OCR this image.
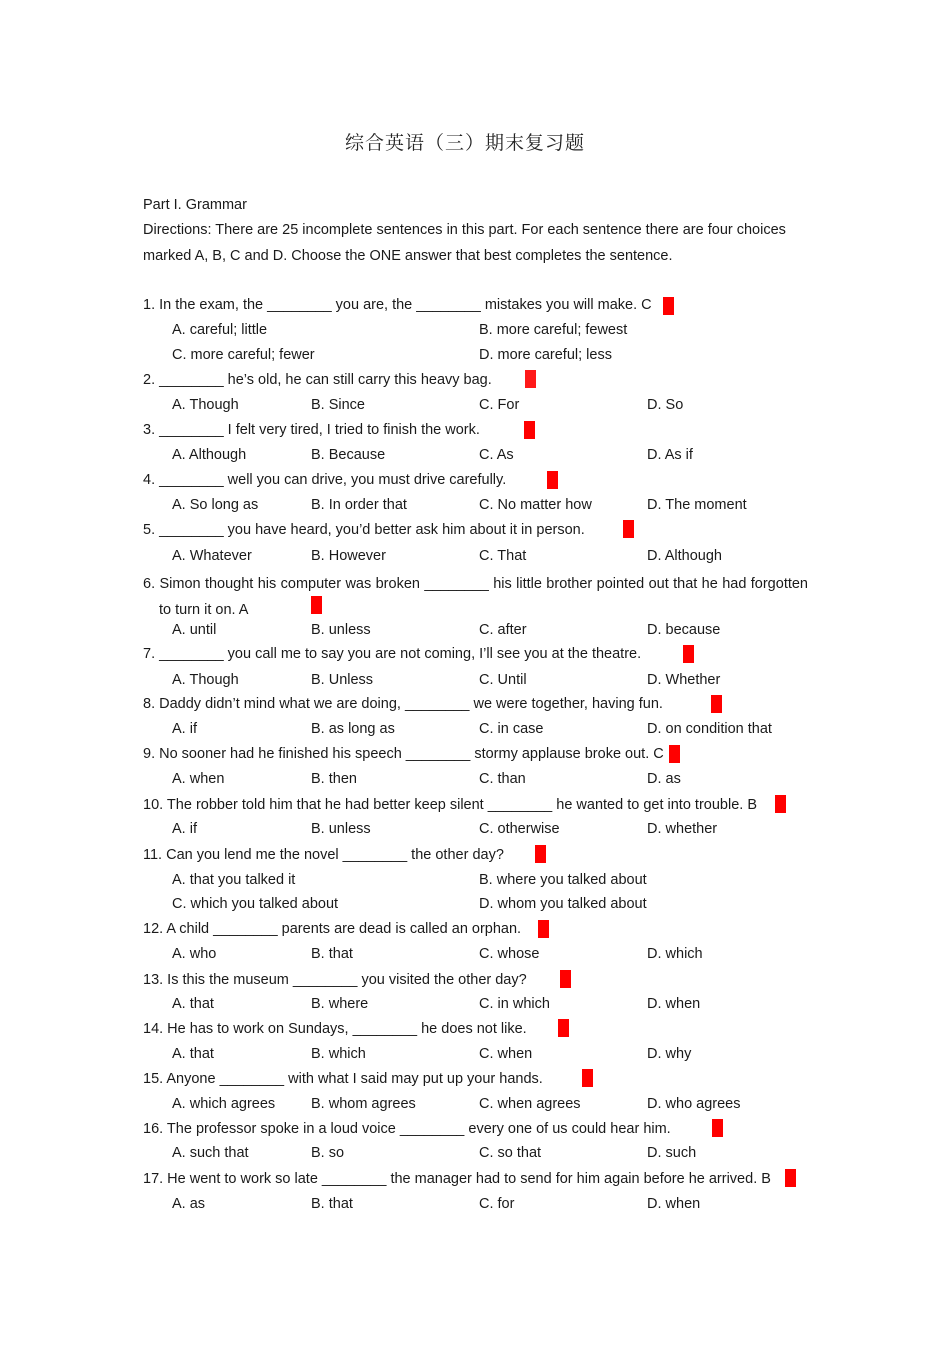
综合英语（三）期末复习题
Part I. Grammar
Directions: There are 25 incomplete sentences in this part. For each sentence there are four choices marked A, B, C and D. Choose the ONE answer that best completes the sentence.
1. In the exam, the ________ you are, the ________ mistakes you will make. C
A. careful; little	B. more careful; fewest
C. more careful; fewer	D. more careful; less
2. ________ he’s old, he can still carry this heavy bag.
A. Though	B. Since	C. For	D. So
3. ________ I felt very tired, I tried to finish the work.
A. Although	B. Because	C. As	D. As if
4. ________ well you can drive, you must drive carefully.
A. So long as	B. In order that	C. No matter how	D. The moment
5. ________ you have heard, you’d better ask him about it in person.
A. Whatever	B. However	C. That	D. Although
6. Simon thought his computer was broken ________ his little brother pointed out that he had forgotten to turn it on. A
A. until	B. unless	C. after	D. because
7. ________ you call me to say you are not coming, I’ll see you at the theatre.
A. Though	B. Unless	C. Until	D. Whether
8. Daddy didn’t mind what we are doing, ________ we were together, having fun.
A. if	B. as long as	C. in case	D. on condition that
9. No sooner had he finished his speech ________ stormy applause broke out. C
A. when	B. then	C. than	D. as
10. The robber told him that he had better keep silent ________ he wanted to get into trouble. B
A. if	B. unless	C. otherwise	D. whether
11. Can you lend me the novel ________ the other day?
A. that you talked it	B. where you talked about
C. which you talked about	D. whom you talked about
12. A child ________ parents are dead is called an orphan.
A. who	B. that	C. whose	D. which
13. Is this the museum ________ you visited the other day?
A. that	B. where	C. in which	D. when
14. He has to work on Sundays, ________ he does not like.
A. that	B. which	C. when	D. why
15. Anyone ________ with what I said may put up your hands.
A. which agrees B. whom agrees	C. when agrees	D. who agrees
16. The professor spoke in a loud voice ________ every one of us could hear him.
A. such that	B. so	C. so that	D. such
17. He went to work so late ________ the manager had to send for him again before he arrived. B
A. as	B. that	C. for	D. when
